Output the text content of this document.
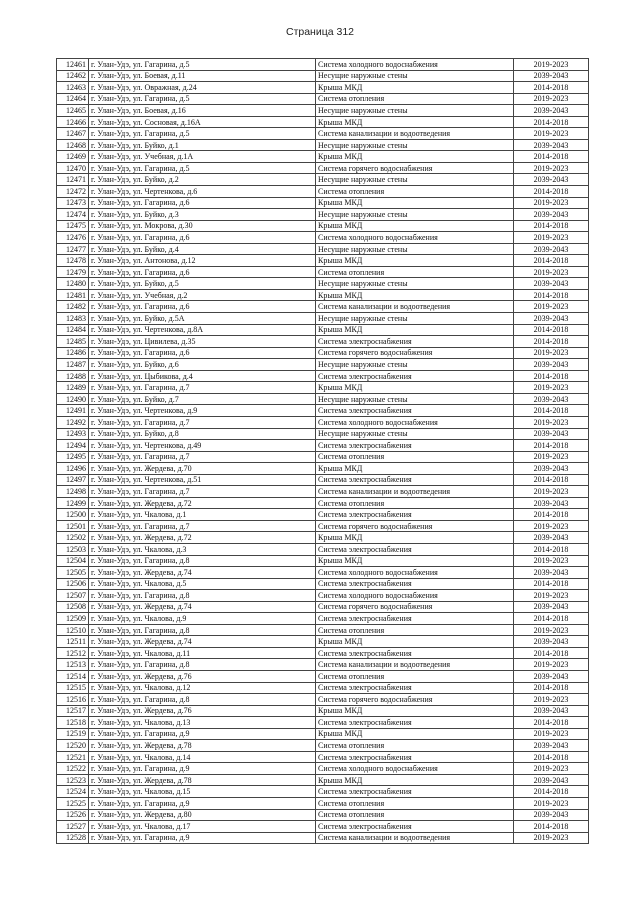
Страница 312
12461	г. Улан-Удэ, ул. Гагарина, д.5	Система холодного водоснабжения	2019-2023
12462	г. Улан-Удэ, ул. Боевая, д.11	Несущие наружные стены	2039-2043
12463	г. Улан-Удэ, ул. Овражная, д.24	Крыша МКД	2014-2018
12464	г. Улан-Удэ, ул. Гагарина, д.5	Система отопления	2019-2023
12465	г. Улан-Удэ, ул. Боевая, д.16	Несущие наружные стены	2039-2043
12466	г. Улан-Удэ, ул. Сосновая, д.16А	Крыша МКД	2014-2018
12467	г. Улан-Удэ, ул. Гагарина, д.5	Система канализации и водоотведения	2019-2023
12468	г. Улан-Удэ, ул. Буйко, д.1	Несущие наружные стены	2039-2043
12469	г. Улан-Удэ, ул. Учебная, д.1А	Крыша МКД	2014-2018
12470	г. Улан-Удэ, ул. Гагарина, д.5	Система горячего водоснабжения	2019-2023
12471	г. Улан-Удэ, ул. Буйко, д.2	Несущие наружные стены	2039-2043
12472	г. Улан-Удэ, ул. Чертенкова, д.6	Система отопления	2014-2018
12473	г. Улан-Удэ, ул. Гагарина, д.6	Крыша МКД	2019-2023
12474	г. Улан-Удэ, ул. Буйко, д.3	Несущие наружные стены	2039-2043
12475	г. Улан-Удэ, ул. Мокрова, д.30	Крыша МКД	2014-2018
12476	г. Улан-Удэ, ул. Гагарина, д.6	Система холодного водоснабжения	2019-2023
12477	г. Улан-Удэ, ул. Буйко, д.4	Несущие наружные стены	2039-2043
12478	г. Улан-Удэ, ул. Антонова, д.12	Крыша МКД	2014-2018
12479	г. Улан-Удэ, ул. Гагарина, д.6	Система отопления	2019-2023
12480	г. Улан-Удэ, ул. Буйко, д.5	Несущие наружные стены	2039-2043
12481	г. Улан-Удэ, ул. Учебная, д.2	Крыша МКД	2014-2018
12482	г. Улан-Удэ, ул. Гагарина, д.6	Система канализации и водоотведения	2019-2023
12483	г. Улан-Удэ, ул. Буйко, д.5А	Несущие наружные стены	2039-2043
12484	г. Улан-Удэ, ул. Чертенкова, д.8А	Крыша МКД	2014-2018
12485	г. Улан-Удэ, ул. Цивилева, д.35	Система электроснабжения	2014-2018
12486	г. Улан-Удэ, ул. Гагарина, д.6	Система горячего водоснабжения	2019-2023
12487	г. Улан-Удэ, ул. Буйко, д.6	Несущие наружные стены	2039-2043
12488	г. Улан-Удэ, ул. Цыбикова, д.4	Система электроснабжения	2014-2018
12489	г. Улан-Удэ, ул. Гагарина, д.7	Крыша МКД	2019-2023
12490	г. Улан-Удэ, ул. Буйко, д.7	Несущие наружные стены	2039-2043
12491	г. Улан-Удэ, ул. Чертенкова, д.9	Система электроснабжения	2014-2018
12492	г. Улан-Удэ, ул. Гагарина, д.7	Система холодного водоснабжения	2019-2023
12493	г. Улан-Удэ, ул. Буйко, д.8	Несущие наружные стены	2039-2043
12494	г. Улан-Удэ, ул. Чертенкова, д.49	Система электроснабжения	2014-2018
12495	г. Улан-Удэ, ул. Гагарина, д.7	Система отопления	2019-2023
12496	г. Улан-Удэ, ул. Жердева, д.70	Крыша МКД	2039-2043
12497	г. Улан-Удэ, ул. Чертенкова, д.51	Система электроснабжения	2014-2018
12498	г. Улан-Удэ, ул. Гагарина, д.7	Система канализации и водоотведения	2019-2023
12499	г. Улан-Удэ, ул. Жердева, д.72	Система отопления	2039-2043
12500	г. Улан-Удэ, ул. Чкалова, д.1	Система электроснабжения	2014-2018
12501	г. Улан-Удэ, ул. Гагарина, д.7	Система горячего водоснабжения	2019-2023
12502	г. Улан-Удэ, ул. Жердева, д.72	Крыша МКД	2039-2043
12503	г. Улан-Удэ, ул. Чкалова, д.3	Система электроснабжения	2014-2018
12504	г. Улан-Удэ, ул. Гагарина, д.8	Крыша МКД	2019-2023
12505	г. Улан-Удэ, ул. Жердева, д.74	Система холодного водоснабжения	2039-2043
12506	г. Улан-Удэ, ул. Чкалова, д.5	Система электроснабжения	2014-2018
12507	г. Улан-Удэ, ул. Гагарина, д.8	Система холодного водоснабжения	2019-2023
12508	г. Улан-Удэ, ул. Жердева, д.74	Система горячего водоснабжения	2039-2043
12509	г. Улан-Удэ, ул. Чкалова, д.9	Система электроснабжения	2014-2018
12510	г. Улан-Удэ, ул. Гагарина, д.8	Система отопления	2019-2023
12511	г. Улан-Удэ, ул. Жердева, д.74	Крыша МКД	2039-2043
12512	г. Улан-Удэ, ул. Чкалова, д.11	Система электроснабжения	2014-2018
12513	г. Улан-Удэ, ул. Гагарина, д.8	Система канализации и водоотведения	2019-2023
12514	г. Улан-Удэ, ул. Жердева, д.76	Система отопления	2039-2043
12515	г. Улан-Удэ, ул. Чкалова, д.12	Система электроснабжения	2014-2018
12516	г. Улан-Удэ, ул. Гагарина, д.8	Система горячего водоснабжения	2019-2023
12517	г. Улан-Удэ, ул. Жердева, д.76	Крыша МКД	2039-2043
12518	г. Улан-Удэ, ул. Чкалова, д.13	Система электроснабжения	2014-2018
12519	г. Улан-Удэ, ул. Гагарина, д.9	Крыша МКД	2019-2023
12520	г. Улан-Удэ, ул. Жердева, д.78	Система отопления	2039-2043
12521	г. Улан-Удэ, ул. Чкалова, д.14	Система электроснабжения	2014-2018
12522	г. Улан-Удэ, ул. Гагарина, д.9	Система холодного водоснабжения	2019-2023
12523	г. Улан-Удэ, ул. Жердева, д.78	Крыша МКД	2039-2043
12524	г. Улан-Удэ, ул. Чкалова, д.15	Система электроснабжения	2014-2018
12525	г. Улан-Удэ, ул. Гагарина, д.9	Система отопления	2019-2023
12526	г. Улан-Удэ, ул. Жердева, д.80	Система отопления	2039-2043
12527	г. Улан-Удэ, ул. Чкалова, д.17	Система электроснабжения	2014-2018
12528	г. Улан-Удэ, ул. Гагарина, д.9	Система канализации и водоотведения	2019-2023
